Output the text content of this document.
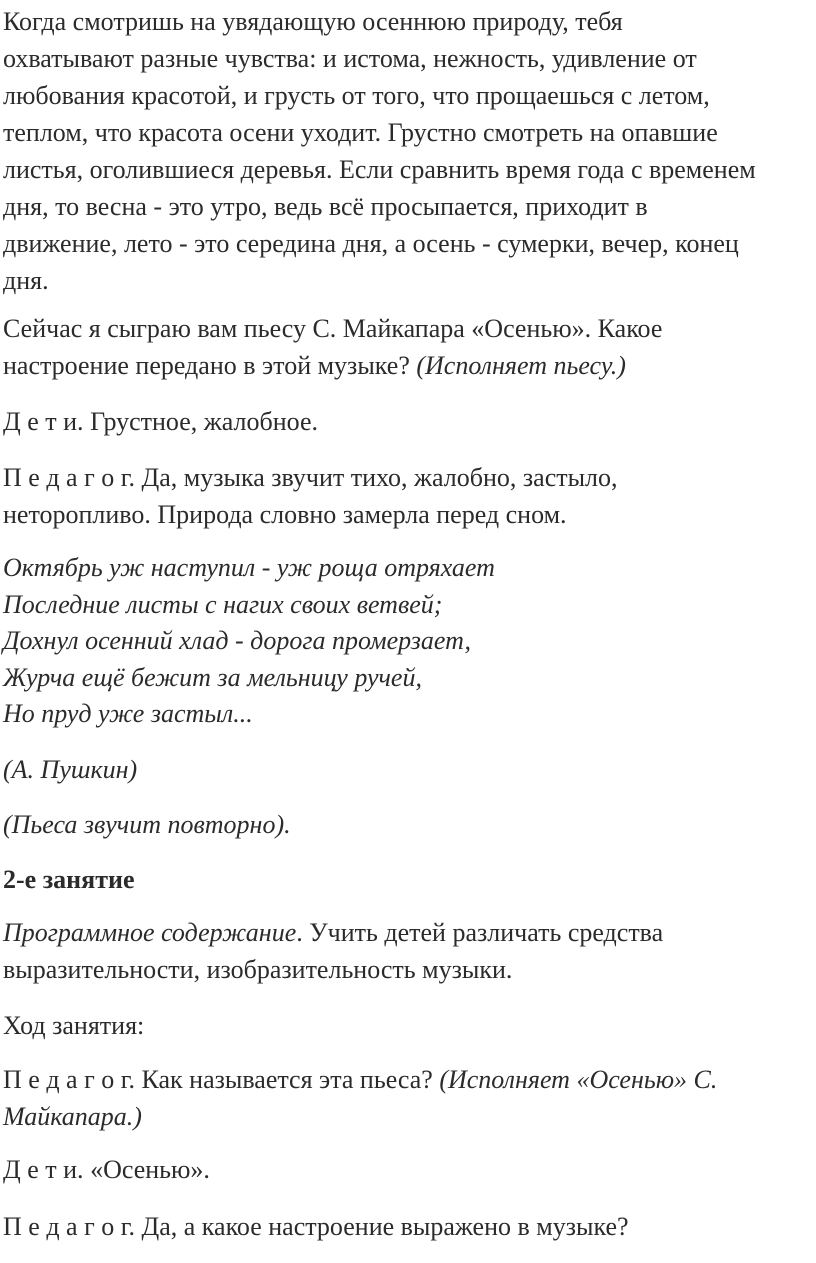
Когда смотришь на увядающую осеннюю природу, тебя
охватывают разные чувства: и истома, нежность, удивление от
любования красотой, и грусть от того, что прощаешься с летом,
теплом, что красота осени уходит. Грустно смотреть на опавшие
листья, оголившиеся деревья. Если сравнить время года с временем
дня, то весна - это утро, ведь всё просыпается, приходит в
движение, лето - это середина дня, а осень - сумерки, вечер, конец
дня.

Сейчас я сыграю вам пьесу С. Майкапара «Осенью». Какое
настроение передано в этой музыке? (Исполняет пьесу.)

Д е т и. Грустное, жалобное.

П е д а г о г. Да, музыка звучит тихо, жалобно, застыло,
неторопливо. Природа словно замерла перед сном.

Октябрь уж наступил - уж роща отряхает
Последние листы с нагих своих ветвей;
Дохнул осенний хлад - дорога промерзает,
Журча ещё бежит за мельницу ручей,
Но пруд уже застыл...

(А. Пушкин)

(Пьеса звучит повторно).

2-е занятие

Программное содержание. Учить детей различать средства
выразительности, изобразительность музыки.

Ход занятия:

П е д а г о г. Как называется эта пьеса? (Исполняет «Осенью» С.
Майкапара.)

Д е т и. «Осенью».

П е д а г о г. Да, а какое настроение выражено в музыке?
